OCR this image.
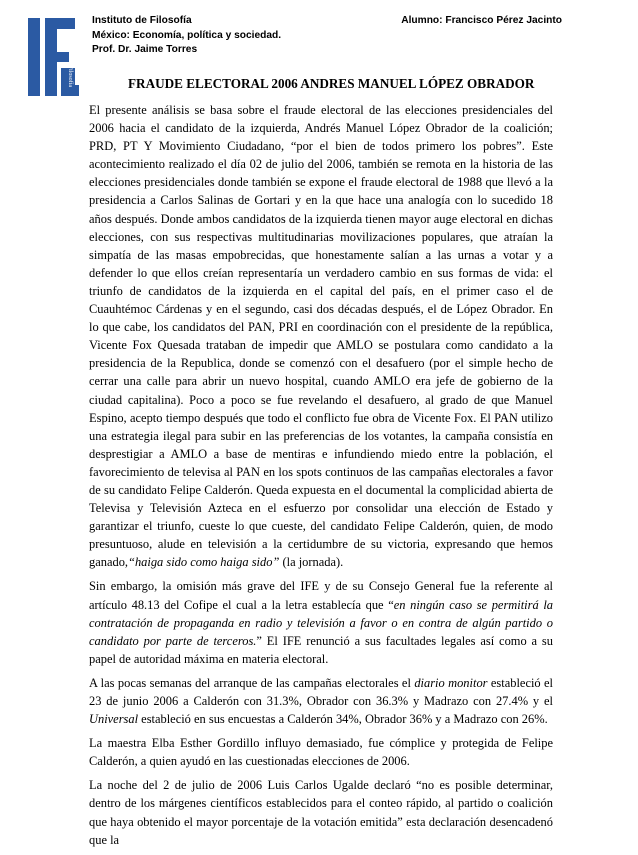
Instituto de Filosofía
Instituto de Filosofía
México: Economía, política y sociedad.
Prof. Dr. Jaime Torres
Alumno: Francisco Pérez Jacinto
FRAUDE ELECTORAL 2006 ANDRES MANUEL LÓPEZ OBRADOR

El presente análisis se basa sobre el fraude electoral de las elecciones presidenciales del 2006 hacia el candidato de la izquierda, Andrés Manuel López Obrador de la coalición; PRD, PT Y Movimiento Ciudadano, “por el bien de todos primero los pobres”. Este acontecimiento realizado el día 02 de julio del 2006, también se remota en la historia de las elecciones presidenciales donde también se expone el fraude electoral de 1988 que llevó a la presidencia a Carlos Salinas de Gortari y en la que hace una analogía con lo sucedido 18 años después. Donde ambos candidatos de la izquierda tienen mayor auge electoral en dichas elecciones, con sus respectivas multitudinarias movilizaciones populares, que atraían la simpatía de las masas empobrecidas, que honestamente salían a las urnas a votar y a defender lo que ellos creían representaría un verdadero cambio en sus formas de vida: el triunfo de candidatos de la izquierda en el capital del país, en el primer caso el de Cuauhtémoc Cárdenas y en el segundo, casi dos décadas después, el de López Obrador. En lo que cabe, los candidatos del PAN, PRI en coordinación con el presidente de la república, Vicente Fox Quesada trataban de impedir que AMLO se postulara como candidato a la presidencia de la Republica, donde se comenzó con el desafuero (por el simple hecho de cerrar una calle para abrir un nuevo hospital, cuando AMLO era jefe de gobierno de la ciudad capitalina). Poco a poco se fue revelando el desafuero, al grado de que Manuel Espino, acepto tiempo después que todo el conflicto fue obra de Vicente Fox. El PAN utilizo una estrategia ilegal para subir en las preferencias de los votantes, la campaña consistía en desprestigiar a AMLO a base de mentiras e infundiendo miedo entre la población, el favorecimiento de televisa al PAN en los spots continuos de las campañas electorales a favor de su candidato Felipe Calderón. Queda expuesta en el documental la complicidad abierta de Televisa y Televisión Azteca en el esfuerzo por consolidar una elección de Estado y garantizar el triunfo, cueste lo que cueste, del candidato Felipe Calderón, quien, de modo presuntuoso, alude en televisión a la certidumbre de su victoria, expresando que hemos ganado,“haiga sido como haiga sido” (la jornada).

Sin embargo, la omisión más grave del IFE y de su Consejo General fue la referente al artículo 48.13 del Cofipe el cual a la letra establecía que “en ningún caso se permitirá la contratación de propaganda en radio y televisión a favor o en contra de algún partido o candidato por parte de terceros.” El IFE renunció a sus facultades legales así como a su papel de autoridad máxima en materia electoral.

A las pocas semanas del arranque de las campañas electorales el diario monitor estableció el 23 de junio 2006 a Calderón con 31.3%, Obrador con 36.3% y Madrazo con 27.4% y el Universal estableció en sus encuestas a Calderón 34%, Obrador 36% y a Madrazo con 26%.

La maestra Elba Esther Gordillo influyo demasiado, fue cómplice y protegida de Felipe Calderón, a quien ayudó en las cuestionadas elecciones de 2006.

La noche del 2 de julio de 2006 Luis Carlos Ugalde declaró “no es posible determinar, dentro de los márgenes científicos establecidos para el conteo rápido, al partido o coalición que haya obtenido el mayor porcentaje de la votación emitida” esta declaración desencadenó que la
